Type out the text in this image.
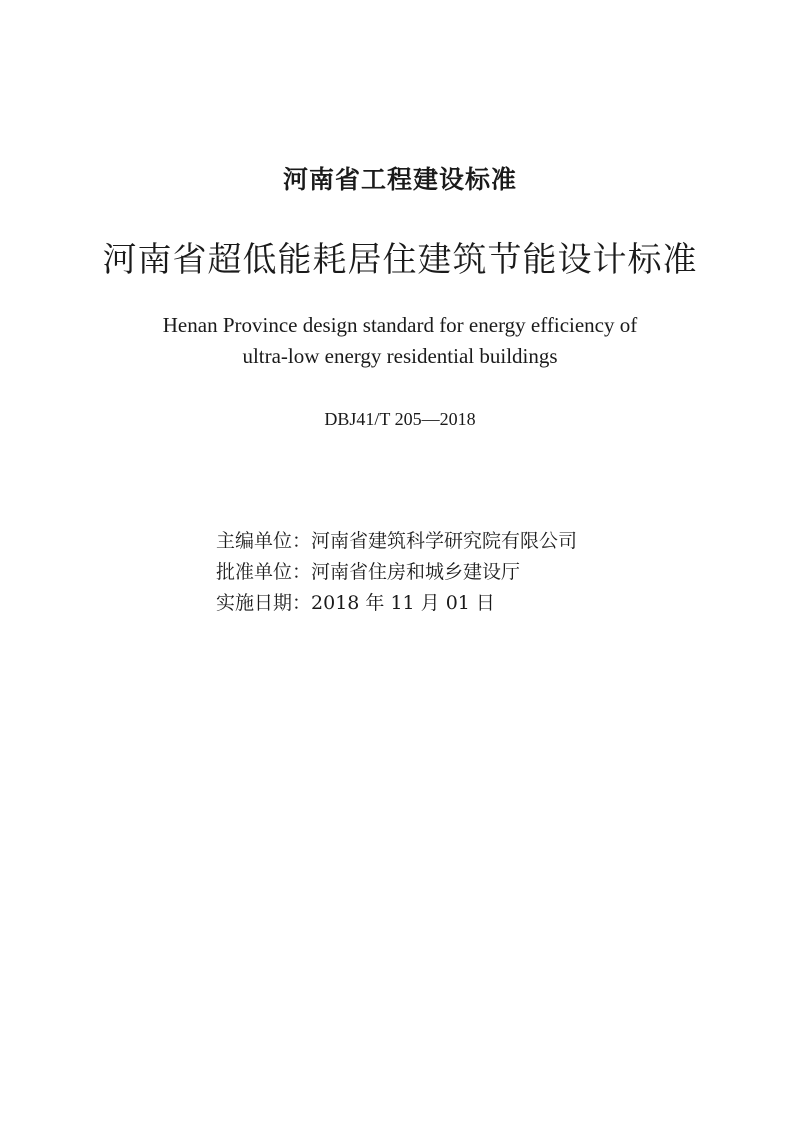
河南省工程建设标准
河南省超低能耗居住建筑节能设计标准
Henan Province design standard for energy efficiency of
ultra-low energy residential buildings
DBJ41/T 205—2018
主编单位：河南省建筑科学研究院有限公司
批准单位：河南省住房和城乡建设厅
实施日期：2018 年 11 月 01 日
